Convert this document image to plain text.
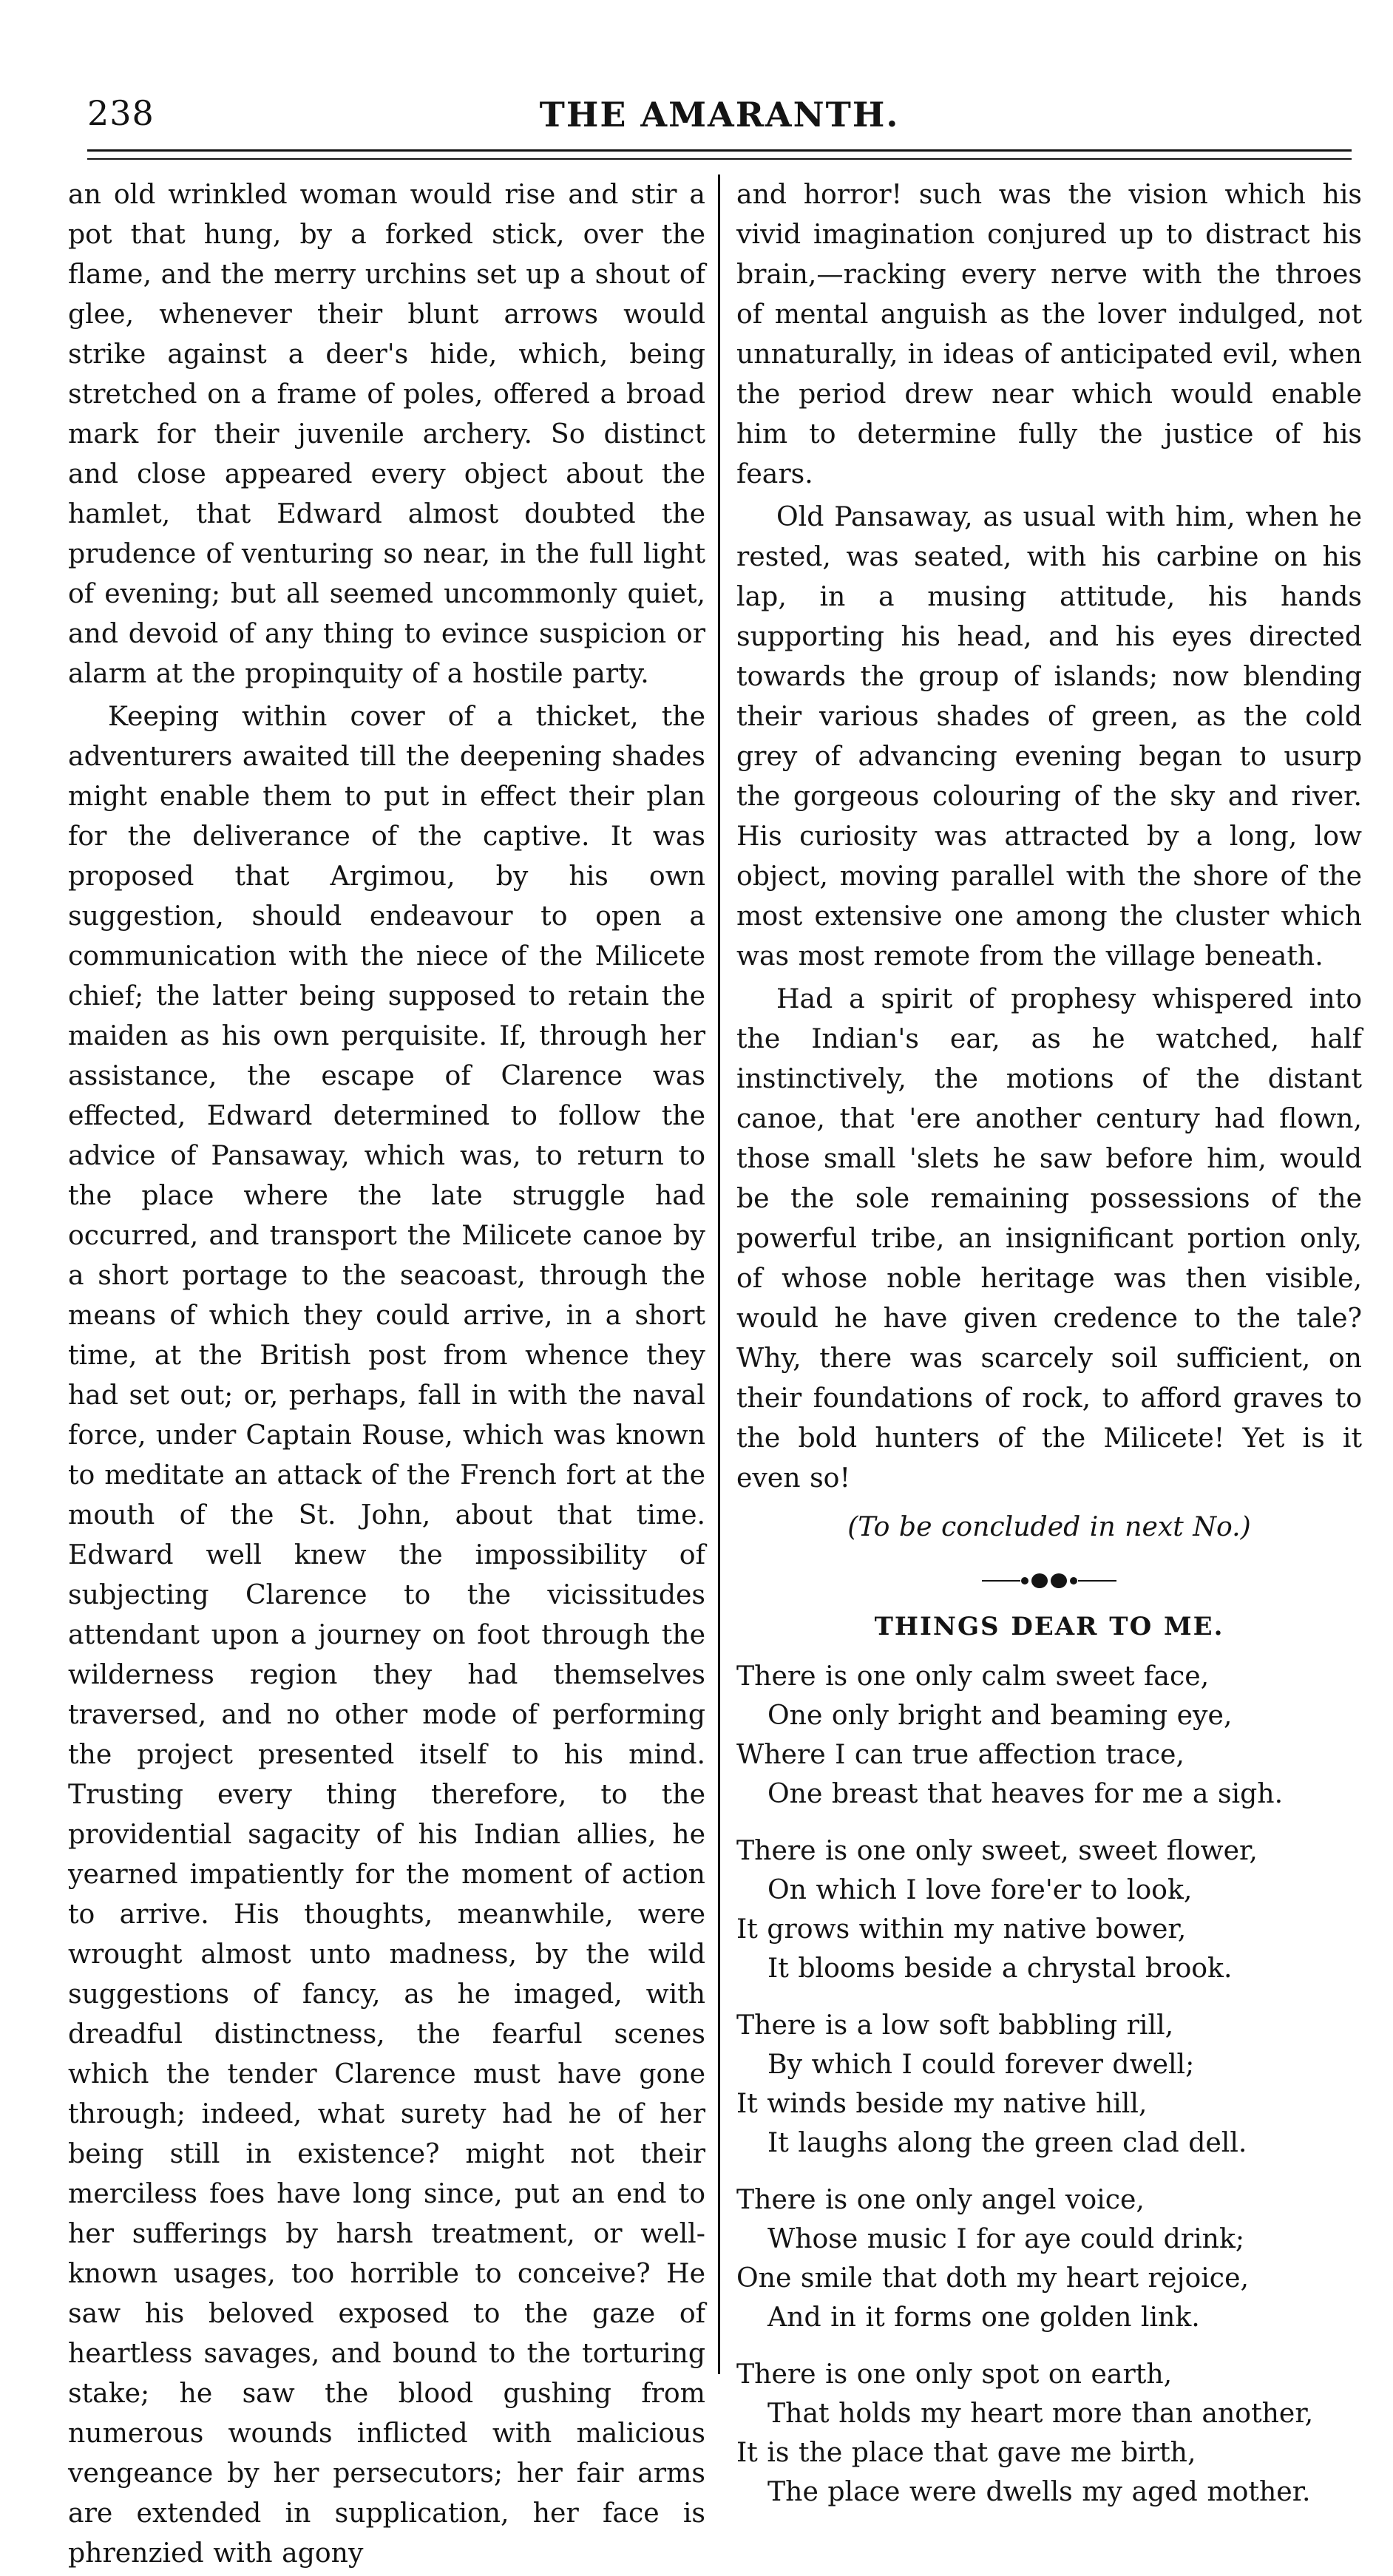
238	THE AMARANTH.

an old wrinkled woman would rise and stir a pot that hung, by a forked stick, over the flame, and the merry urchins set up a shout of glee, whenever their blunt arrows would strike against a deer's hide, which, being stretched on a frame of poles, offered a broad mark for their juvenile archery. So distinct and close appeared every object about the hamlet, that Edward almost doubted the prudence of venturing so near, in the full light of evening; but all seemed uncommonly quiet, and devoid of any thing to evince suspicion or alarm at the propinquity of a hostile party.

Keeping within cover of a thicket, the adventurers awaited till the deepening shades might enable them to put in effect their plan for the deliverance of the captive. It was proposed that Argimou, by his own suggestion, should endeavour to open a communication with the niece of the Milicete chief; the latter being supposed to retain the maiden as his own perquisite. If, through her assistance, the escape of Clarence was effected, Edward determined to follow the advice of Pansaway, which was, to return to the place where the late struggle had occurred, and transport the Milicete canoe by a short portage to the seacoast, through the means of which they could arrive, in a short time, at the British post from whence they had set out; or, perhaps, fall in with the naval force, under Captain Rouse, which was known to meditate an attack of the French fort at the mouth of the St. John, about that time. Edward well knew the impossibility of subjecting Clarence to the vicissitudes attendant upon a journey on foot through the wilderness region they had themselves traversed, and no other mode of performing the project presented itself to his mind. Trusting every thing therefore, to the providential sagacity of his Indian allies, he yearned impatiently for the moment of action to arrive. His thoughts, meanwhile, were wrought almost unto madness, by the wild suggestions of fancy, as he imaged, with dreadful distinctness, the fearful scenes which the tender Clarence must have gone through; indeed, what surety had he of her being still in existence? might not their merciless foes have long since, put an end to her sufferings by harsh treatment, or well-known usages, too horrible to conceive? He saw his beloved exposed to the gaze of heartless savages, and bound to the torturing stake; he saw the blood gushing from numerous wounds inflicted with malicious vengeance by her persecutors; her fair arms are extended in supplication, her face is phrenzied with agony

and horror! such was the vision which his vivid imagination conjured up to distract his brain,—racking every nerve with the throes of mental anguish as the lover indulged, not unnaturally, in ideas of anticipated evil, when the period drew near which would enable him to determine fully the justice of his fears.

Old Pansaway, as usual with him, when he rested, was seated, with his carbine on his lap, in a musing attitude, his hands supporting his head, and his eyes directed towards the group of islands; now blending their various shades of green, as the cold grey of advancing evening began to usurp the gorgeous colouring of the sky and river. His curiosity was attracted by a long, low object, moving parallel with the shore of the most extensive one among the cluster which was most remote from the village beneath.

Had a spirit of prophesy whispered into the Indian's ear, as he watched, half instinctively, the motions of the distant canoe, that 'ere another century had flown, those small 'slets he saw before him, would be the sole remaining possessions of the powerful tribe, an insignificant portion only, of whose noble heritage was then visible, would he have given credence to the tale? Why, there was scarcely soil sufficient, on their foundations of rock, to afford graves to the bold hunters of the Milicete! Yet is it even so!

(To be concluded in next No.)
THINGS DEAR TO ME.
There is one only calm sweet face,
One only bright and beaming eye,
Where I can true affection trace,
One breast that heaves for me a sigh.
There is one only sweet, sweet flower,
On which I love fore'er to look,
It grows within my native bower,
It blooms beside a chrystal brook.
There is a low soft babbling rill,
By which I could forever dwell;
It winds beside my native hill,
It laughs along the green clad dell.
There is one only angel voice,
Whose music I for aye could drink;
One smile that doth my heart rejoice,
And in it forms one golden link.
There is one only spot on earth,
That holds my heart more than another,
It is the place that gave me birth,
The place were dwells my aged mother.
